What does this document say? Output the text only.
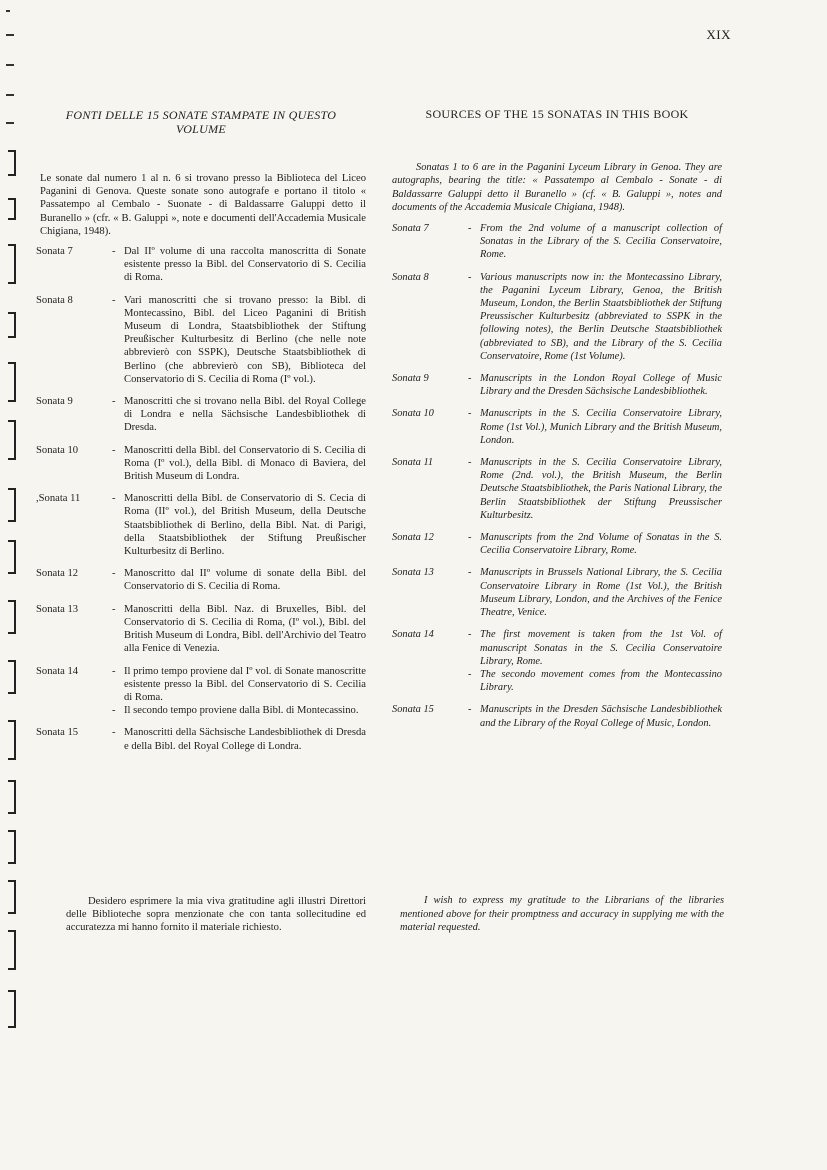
XIX
FONTI DELLE 15 SONATE STAMPATE IN QUESTO VOLUME

Le sonate dal numero 1 al n. 6 si trovano presso la Biblioteca del Liceo Paganini di Genova. Queste sonate sono autografe e portano il titolo « Passatempo al Cembalo - Suonate - di Baldassarre Galuppi detto il Buranello » (cfr. « B. Galuppi », note e documenti dell'Accademia Musicale Chigiana, 1948).

Sonata 7	- Dal IIº volume di una raccolta manoscritta di Sonate esistente presso la Bibl. del Conservatorio di S. Cecilia di Roma.
Sonata 8	- Vari manoscritti che si trovano presso: la Bibl. di Montecassino, Bibl. del Liceo Paganini di British Museum di Londra, Staatsbibliothek der Stiftung Preußischer Kulturbesitz di Berlino (che nelle note abbrevierò con SSPK), Deutsche Staatsbibliothek di Berlino (che abbrevierò con SB), Biblioteca del Conservatorio di S. Cecilia di Roma (Iº vol.).
Sonata 9	- Manoscritti che si trovano nella Bibl. del Royal College di Londra e nella Sächsische Landesbibliothek di Dresda.
Sonata 10	- Manoscritti della Bibl. del Conservatorio di S. Cecilia di Roma (Iº vol.), della Bibl. di Monaco di Baviera, del British Museum di Londra.
,Sonata 11	- Manoscritti della Bibl. de Conservatorio di S. Cecia di Roma (IIº vol.), del British Museum, della Deutsche Staatsbibliothek di Berlino, della Bibl. Nat. di Parigi, della Staatsbibliothek der Stiftung Preußischer Kulturbesitz di Berlino.
Sonata 12	- Manoscritto dal IIº volume di sonate della Bibl. del Conservatorio di S. Cecilia di Roma.
Sonata 13	- Manoscritti della Bibl. Naz. di Bruxelles, Bibl. del Conservatorio di S. Cecilia di Roma, (Iº vol.), Bibl. del British Museum di Londra, Bibl. dell'Archivio del Teatro alla Fenice di Venezia.
Sonata 14	- Il primo tempo proviene dal Iº vol. di Sonate manoscritte esistente presso la Bibl. del Conservatorio di S. Cecilia di Roma.
- Il secondo tempo proviene dalla Bibl. di Montecassino.
Sonata 15	- Manoscritti della Sächsische Landesbibliothek di Dresda e della Bibl. del Royal College di Londra.
SOURCES OF THE 15 SONATAS IN THIS BOOK

Sonatas 1 to 6 are in the Paganini Lyceum Library in Genoa. They are autographs, bearing the title: « Passatempo al Cembalo - Sonate - di Baldassarre Galuppi detto il Buranello » (cf. « B. Galuppi », notes and documents of the Accademia Musicale Chigiana, 1948).

Sonata 7	- From the 2nd volume of a manuscript collection of Sonatas in the Library of the S. Cecilia Conservatoire, Rome.
Sonata 8	- Various manuscripts now in: the Montecassino Library, the Paganini Lyceum Library, Genoa, the British Museum, London, the Berlin Staatsbibliothek der Stiftung Preussischer Kulturbesitz (abbreviated to SSPK in the following notes), the Berlin Deutsche Staatsbibliothek (abbreviated to SB), and the Library of the S. Cecilia Conservatoire, Rome (1st Volume).
Sonata 9	- Manuscripts in the London Royal College of Music Library and the Dresden Sächsische Landesbibliothek.
Sonata 10	- Manuscripts in the S. Cecilia Conservatoire Library, Rome (1st Vol.), Munich Library and the British Museum, London.
Sonata 11	- Manuscripts in the S. Cecilia Conservatoire Library, Rome (2nd. vol.), the British Museum, the Berlin Deutsche Staatsbibliothek, the Paris National Library, the Berlin Staatsbibliothek der Stiftung Preussischer Kulturbesitz.
Sonata 12	- Manuscripts from the 2nd Volume of Sonatas in the S. Cecilia Conservatoire Library, Rome.
Sonata 13	- Manuscripts in Brussels National Library, the S. Cecilia Conservatoire Library in Rome (1st Vol.), the British Museum Library, London, and the Archives of the Fenice Theatre, Venice.
Sonata 14	- The first movement is taken from the 1st Vol. of manuscript Sonatas in the S. Cecilia Conservatoire Library, Rome.
- The secondo movement comes from the Montecassino Library.
Sonata 15	- Manuscripts in the Dresden Sächsische Landesbibliothek and the Library of the Royal College of Music, London.

Desidero esprimere la mia viva gratitudine agli illustri Direttori delle Biblioteche sopra menzionate che con tanta sollecitudine ed accuratezza mi hanno fornito il materiale richiesto.

I wish to express my gratitude to the Librarians of the libraries mentioned above for their promptness and accuracy in supplying me with the material requested.
